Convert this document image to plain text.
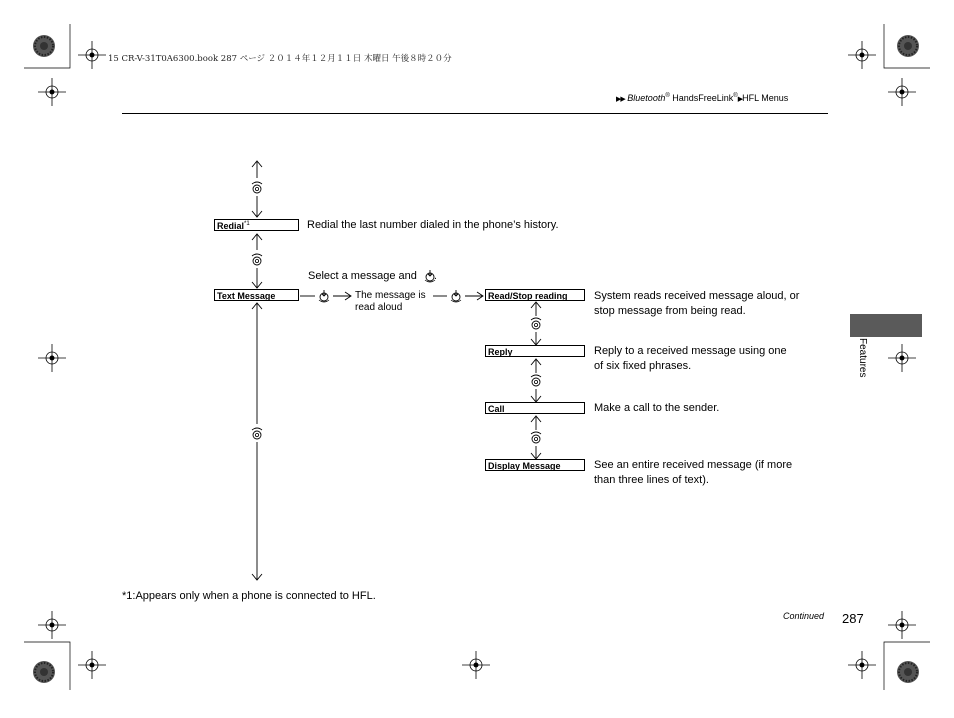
15 CR-V-31T0A6300.book 287 ページ ２０１４年１２月１１日 木曜日 午後８時２０分
▶▶ Bluetooth® HandsFreeLink®▶HFL Menus
Redial$^{*1}$	Redial the last number dialed in the phone’s history.
Select a message and .
Text Message	The message is
read aloud
Read/Stop reading	System reads received message aloud, or
stop message from being read.
Reply	Reply to a received message using one
of six fixed phrases.
Call	Make a call to the sender.
Display Message	See an entire received message (if more
than three lines of text).
Features
*1:Appears only when a phone is connected to HFL.
Continued 287
